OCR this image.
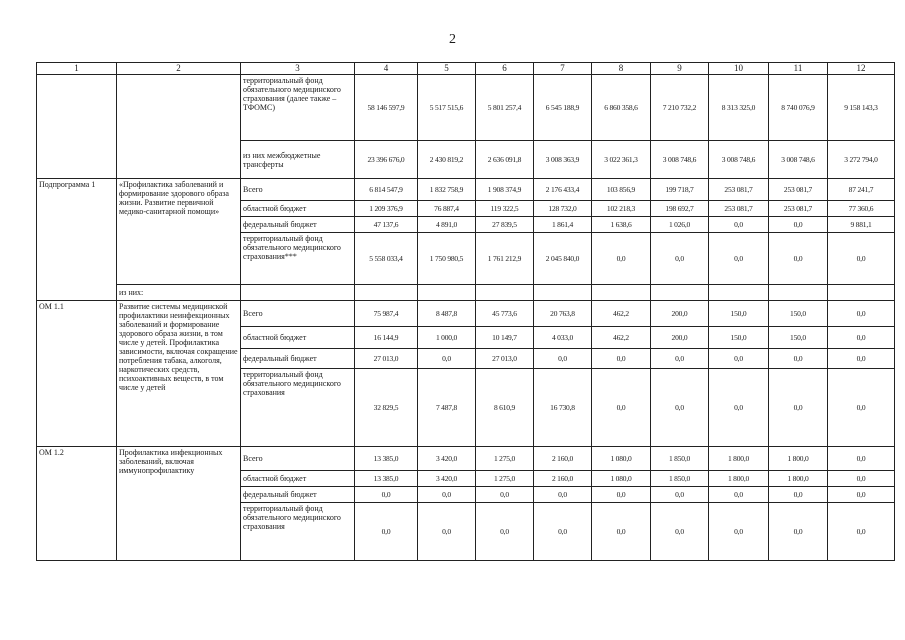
2
1	2	3	4	5	6	7	8	9	10	11	12
		территориальный фонд обязательного медицинского страхования (далее также – ТФОМС)	58 146 597,9	5 517 515,6	5 801 257,4	6 545 188,9	6 860 358,6	7 210 732,2	8 313 325,0	8 740 076,9	9 158 143,3
		из них межбюджетные трансферты	23 396 676,0	2 430 819,2	2 636 091,8	3 008 363,9	3 022 361,3	3 008 748,6	3 008 748,6	3 008 748,6	3 272 794,0
Подпрограмма 1	«Профилактика заболеваний и формирование здорового образа жизни. Развитие первичной медико-санитарной помощи»	Всего	6 814 547,9	1 832 758,9	1 908 374,9	2 176 433,4	103 856,9	199 718,7	253 081,7	253 081,7	87 241,7
		областной бюджет	1 209 376,9	76 887,4	119 322,5	128 732,0	102 218,3	198 692,7	253 081,7	253 081,7	77 360,6
		федеральный бюджет	47 137,6	4 891,0	27 839,5	1 861,4	1 638,6	1 026,0	0,0	0,0	9 881,1
		территориальный фонд обязательного медицинского страхования***	5 558 033,4	1 750 980,5	1 761 212,9	2 045 840,0	0,0	0,0	0,0	0,0	0,0
	из них:										
ОМ 1.1	Развитие системы медицинской профилактики неинфекционных заболеваний и формирование здорового образа жизни, в том числе у детей. Профилактика зависимости, включая сокращение потребления табака, алкоголя, наркотических средств, психоактивных веществ, в том числе у детей	Всего	75 987,4	8 487,8	45 773,6	20 763,8	462,2	200,0	150,0	150,0	0,0
		областной бюджет	16 144,9	1 000,0	10 149,7	4 033,0	462,2	200,0	150,0	150,0	0,0
		федеральный бюджет	27 013,0	0,0	27 013,0	0,0	0,0	0,0	0,0	0,0	0,0
		территориальный фонд обязательного медицинского страхования	32 829,5	7 487,8	8 610,9	16 730,8	0,0	0,0	0,0	0,0	0,0
ОМ 1.2	Профилактика инфекционных заболеваний, включая иммунопрофилактику	Всего	13 385,0	3 420,0	1 275,0	2 160,0	1 080,0	1 850,0	1 800,0	1 800,0	0,0
		областной бюджет	13 385,0	3 420,0	1 275,0	2 160,0	1 080,0	1 850,0	1 800,0	1 800,0	0,0
		федеральный бюджет	0,0	0,0	0,0	0,0	0,0	0,0	0,0	0,0	0,0
		территориальный фонд обязательного медицинского страхования	0,0	0,0	0,0	0,0	0,0	0,0	0,0	0,0	0,0
